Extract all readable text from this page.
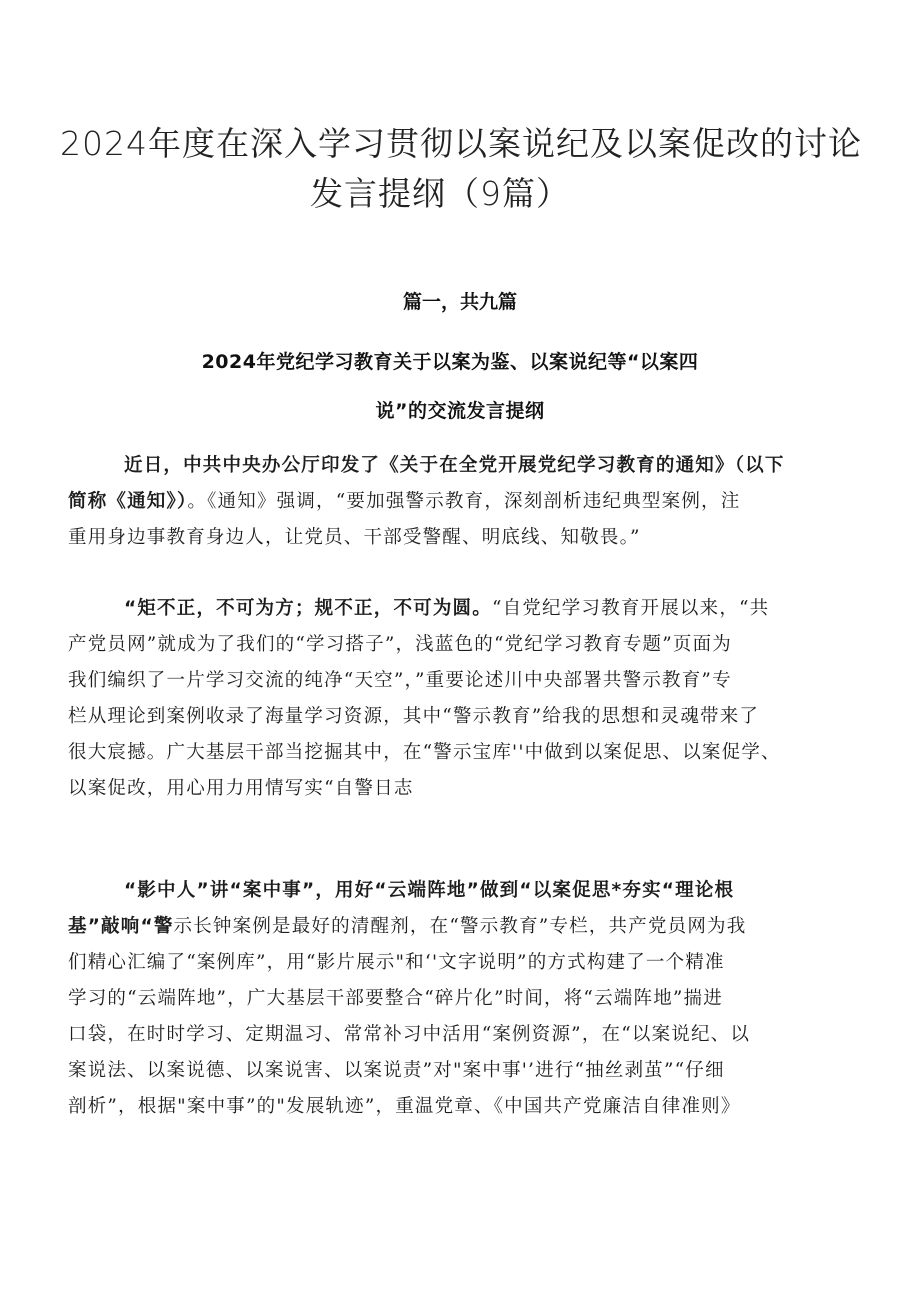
2024年度在深入学习贯彻以案说纪及以案促改的讨论
发言提纲（9篇）
篇一，共九篇
2024年党纪学习教育关于以案为鉴、以案说纪等“以案四
说”的交流发言提纲
近日，中共中央办公厅印发了《关于在全党开展党纪学习教育的通知》（以下
简称《通知》）。《通知》强调，“要加强警示教育，深刻剖析违纪典型案例，注
重用身边事教育身边人，让党员、干部受警醒、明底线、知敬畏。”
“矩不正，不可为方；规不正，不可为圆。“自党纪学习教育开展以来，“共
产党员网”就成为了我们的“学习搭子”，浅蓝色的“党纪学习教育专题”页面为
我们编织了一片学习交流的纯净“天空”，”重要论述川中央部署共警示教育”专
栏从理论到案例收录了海量学习资源，其中“警示教育”给我的思想和灵魂带来了
很大宸撼。广大基层干部当挖掘其中，在“警示宝库''中做到以案促思、以案促学、
以案促改，用心用力用情写实“自警日志
“影中人”讲“案中事”，用好“云端阵地”做到“以案促思*夯实“理论根
基”敲响“警示长钟案例是最好的清醒剂，在“警示教育”专栏，共产党员网为我
们精心汇编了“案例库”，用“影片展示"和‘'文字说明”的方式构建了一个精准
学习的“云端阵地”，广大基层干部要整合“碎片化”时间，将“云端阵地”揣进
口袋，在时时学习、定期温习、常常补习中活用“案例资源”，在“以案说纪、以
案说法、以案说德、以案说害、以案说责”对"案中事'’进行“抽丝剥茧”“仔细
剖析”，根据"案中事”的"发展轨迹”，重温党章、《中国共产党廉洁自律准则》
